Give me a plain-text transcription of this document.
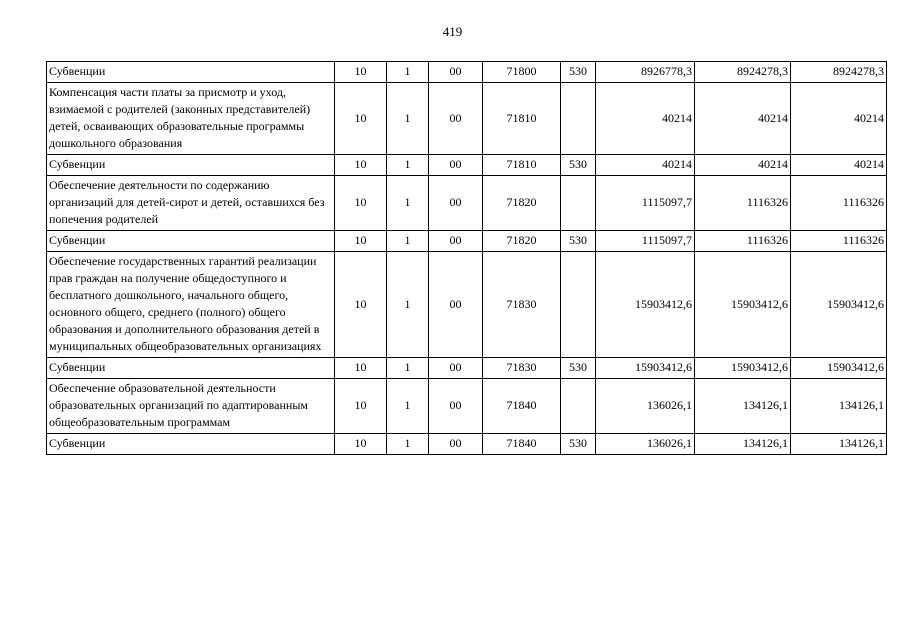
419
Субвенции	10	1	00	71800	530	8926778,3	8924278,3	8924278,3
Компенсация части платы за присмотр и уход, взимаемой с родителей (законных представителей) детей, осваивающих образовательные программы дошкольного образования	10	1	00	71810		40214	40214	40214
Субвенции	10	1	00	71810	530	40214	40214	40214
Обеспечение деятельности по содержанию организаций для детей-сирот и детей, оставшихся без попечения родителей	10	1	00	71820		1115097,7	1116326	1116326
Субвенции	10	1	00	71820	530	1115097,7	1116326	1116326
Обеспечение государственных гарантий реализации прав граждан на получение общедоступного и бесплатного дошкольного, начального общего, основного общего, среднего (полного) общего образования и дополнительного образования детей в муниципальных общеобразовательных организациях	10	1	00	71830		15903412,6	15903412,6	15903412,6
Субвенции	10	1	00	71830	530	15903412,6	15903412,6	15903412,6
Обеспечение образовательной деятельности образовательных организаций по адаптированным общеобразовательным программам	10	1	00	71840		136026,1	134126,1	134126,1
Субвенции	10	1	00	71840	530	136026,1	134126,1	134126,1
